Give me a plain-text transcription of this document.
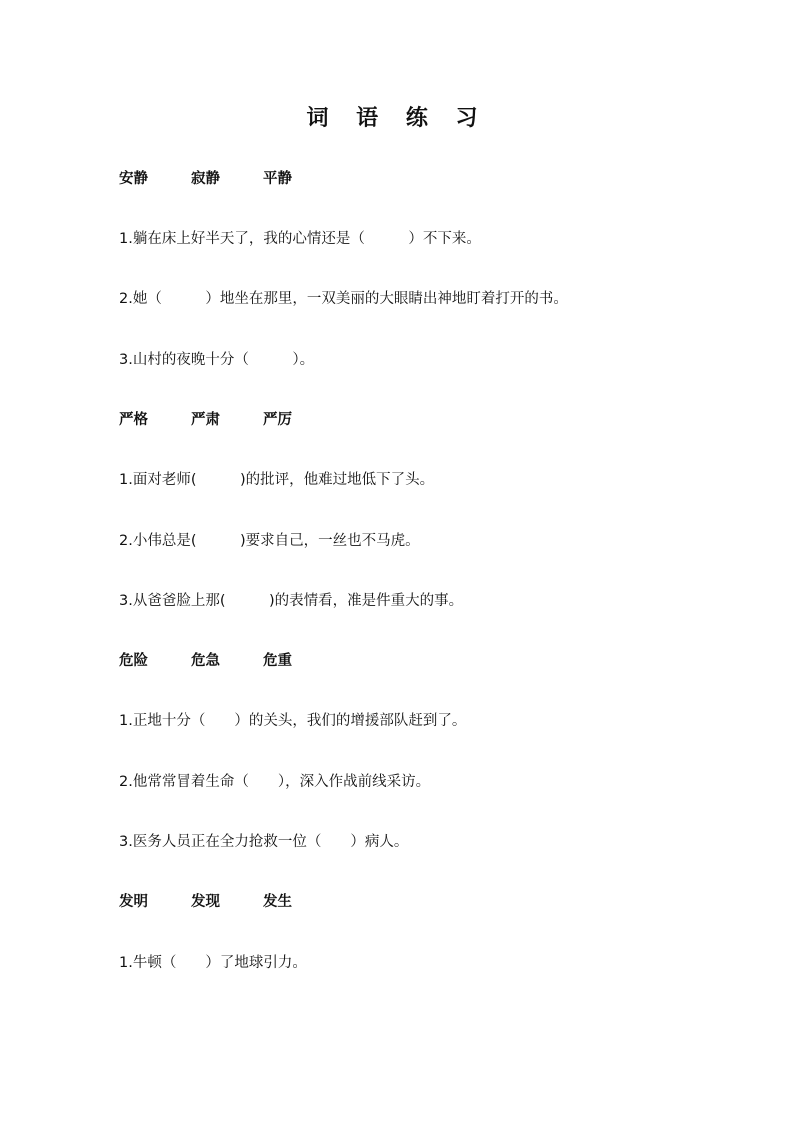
词 语 练 习
安静	寂静	平静
1.躺在床上好半天了，我的心情还是（　　　）不下来。
2.她（　　　）地坐在那里，一双美丽的大眼睛出神地盯着打开的书。
3.山村的夜晚十分（　　　）。
严格	严肃	严厉
1.面对老师(　　　)的批评，他难过地低下了头。
2.小伟总是(　　　)要求自己，一丝也不马虎。
3.从爸爸脸上那(　　　)的表情看，准是件重大的事。
危险	危急	危重
1.正地十分（　　）的关头，我们的增援部队赶到了。
2.他常常冒着生命（　　），深入作战前线采访。
3.医务人员正在全力抢救一位（　　）病人。
发明	发现	发生
1.牛顿（　　）了地球引力。
